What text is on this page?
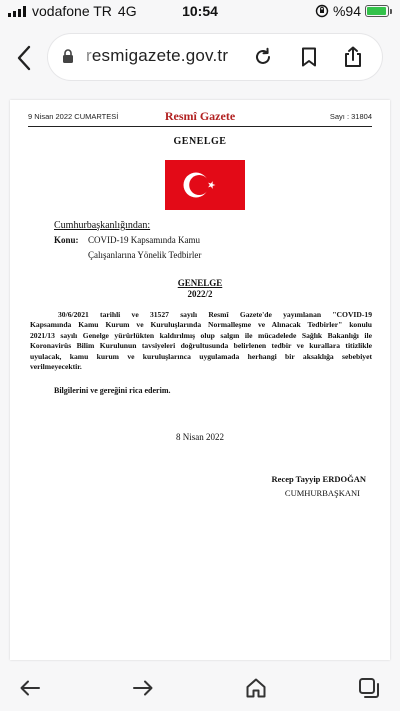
vodafone TR 4G	10:54	%94
resmigazete.gov.tr
9 Nisan 2022 CUMARTESİ	Resmî Gazete	Sayı : 31804
GENELGE
Cumhurbaşkanlığından:
Konu: COVID-19 Kapsamında Kamu
Çalışanlarına Yönelik Tedbirler
GENELGE
2022/2
30/6/2021 tarihli ve 31527 sayılı Resmî Gazete'de yayımlanan "COVID-19
Kapsamında Kamu Kurum ve Kuruluşlarında Normalleşme ve Alınacak Tedbirler" konulu
2021/13 sayılı Genelge yürürlükten kaldırılmış olup salgın ile mücadelede Sağlık Bakanlığı ile
Koronavirüs Bilim Kurulunun tavsiyeleri doğrultusunda belirlenen tedbir ve kurallara titizlikle
uyulacak, kamu kurum ve kuruluşlarınca uygulamada herhangi bir aksaklığa sebebiyet
verilmeyecektir.
Bilgilerini ve gereğini rica ederim.
8 Nisan 2022
Recep Tayyip ERDOĞAN
CUMHURBAŞKANI
